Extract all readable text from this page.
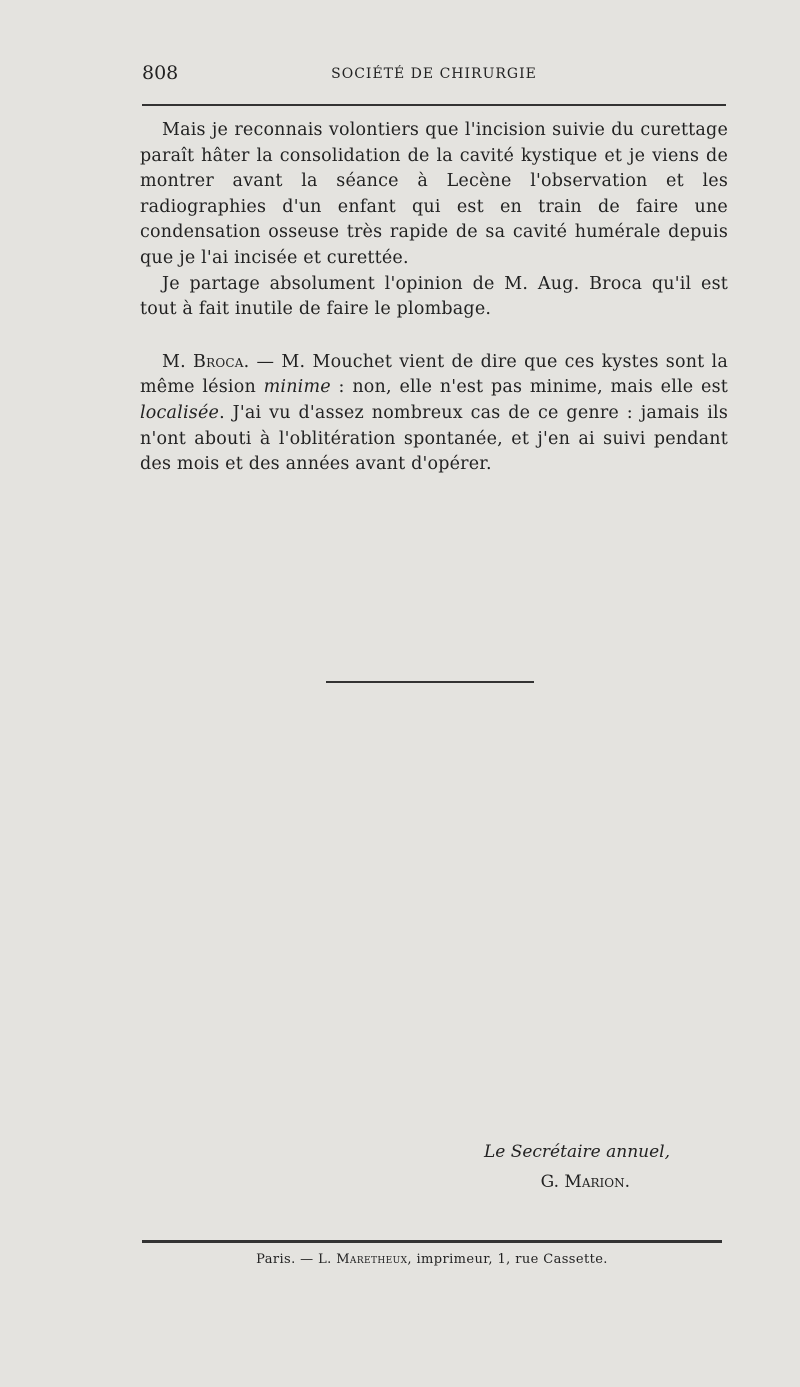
808	SOCIÉTÉ DE CHIRURGIE

Mais je reconnais volontiers que l'incision suivie du curettage paraît hâter la consolidation de la cavité kystique et je viens de montrer avant la séance à Lecène l'observation et les radiographies d'un enfant qui est en train de faire une condensation osseuse très rapide de sa cavité humérale depuis que je l'ai incisée et curettée.

Je partage absolument l'opinion de M. Aug. Broca qu'il est tout à fait inutile de faire le plombage.

M. Broca. — M. Mouchet vient de dire que ces kystes sont la même lésion minime : non, elle n'est pas minime, mais elle est localisée. J'ai vu d'assez nombreux cas de ce genre : jamais ils n'ont abouti à l'oblitération spontanée, et j'en ai suivi pendant des mois et des années avant d'opérer.

Le Secrétaire annuel,
G. Marion.
Paris. — L. Maretheux, imprimeur, 1, rue Cassette.
